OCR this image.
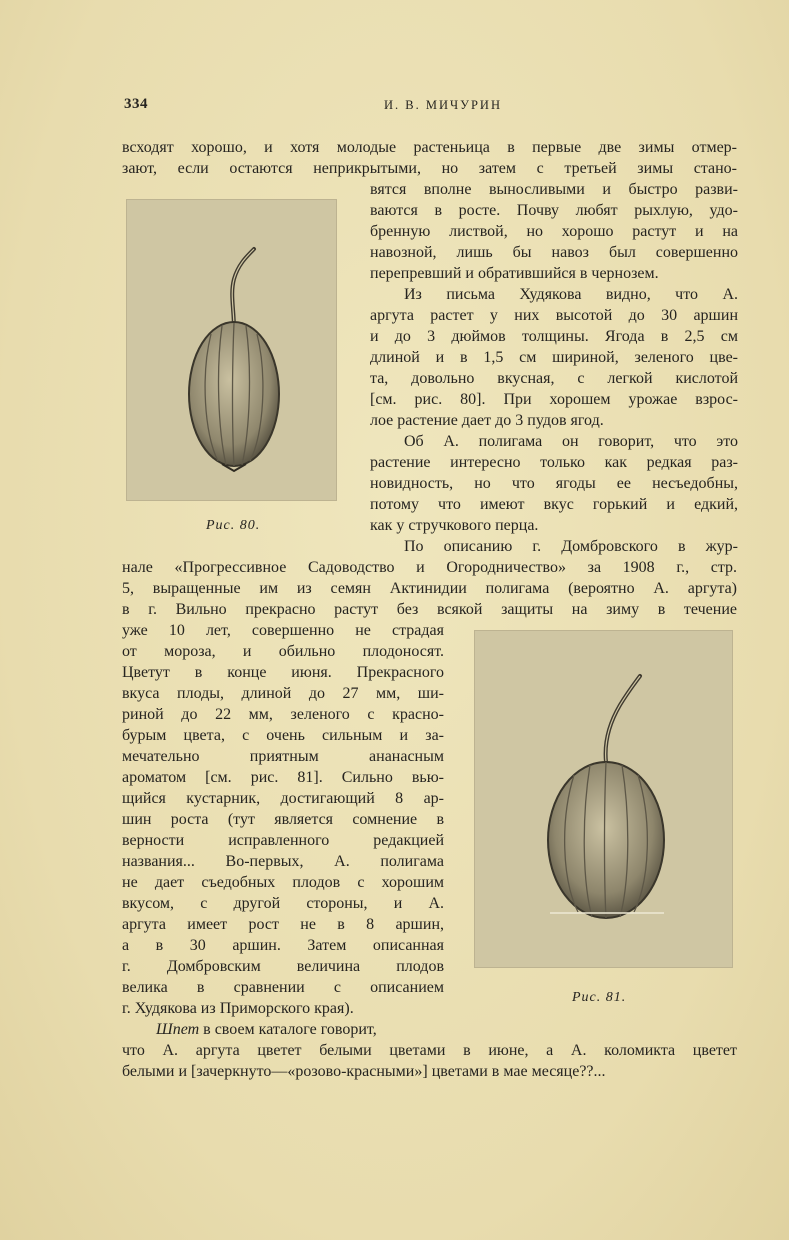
334	И. В. МИЧУРИН
всходят хорошо, и хотя молодые растеньица в первые две зимы отмер-
зают, если остаются неприкрытыми, но затем с третьей зимы стано-
вятся вполне выносливыми и быстро разви-
ваются в росте. Почву любят рыхлую, удо-
бренную листвой, но хорошо растут и на
навозной, лишь бы навоз был совершенно
перепревший и обратившийся в чернозем.
Из письма Худякова видно, что А.
аргута растет у них высотой до 30 аршин
и до 3 дюймов толщины. Ягода в 2,5 см
длиной и в 1,5 см шириной, зеленого цве-
та, довольно вкусная, с легкой кислотой
[см. рис. 80]. При хорошем урожае взрос-
лое растение дает до 3 пудов ягод.
Об А. полигама он говорит, что это
растение интересно только как редкая раз-
новидность, но что ягоды ее несъедобны,
потому что имеют вкус горький и едкий,
как у стручкового перца.
По описанию г. Домбровского в жур-
нале «Прогрессивное Садоводство и Огородничество» за 1908 г., стр.
5, выращенные им из семян Актинидии полигама (вероятно А. аргута)
в г. Вильно прекрасно растут без всякой защиты на зиму в течение
уже 10 лет, совершенно не страдая
от мороза, и обильно плодоносят.
Цветут в конце июня. Прекрасного
вкуса плоды, длиной до 27 мм, ши-
риной до 22 мм, зеленого с красно-
бурым цвета, с очень сильным и за-
мечательно приятным ананасным
ароматом [см. рис. 81]. Сильно вью-
щийся кустарник, достигающий 8 ар-
шин роста (тут является сомнение в
верности исправленного редакцией
названия... Во-первых, А. полигама
не дает съедобных плодов с хорошим
вкусом, с другой стороны, и А.
аргута имеет рост не в 8 аршин,
а в 30 аршин. Затем описанная
г. Домбровским величина плодов
велика в сравнении с описанием
г. Худякова из Приморского края).
Шпет в своем каталоге говорит,
что А. аргута цветет белыми цветами в июне, а А. коломикта цветет
белыми и [зачеркнуто—«розово-красными»] цветами в мае месяце??...
Рис. 80.
Рис. 81.
